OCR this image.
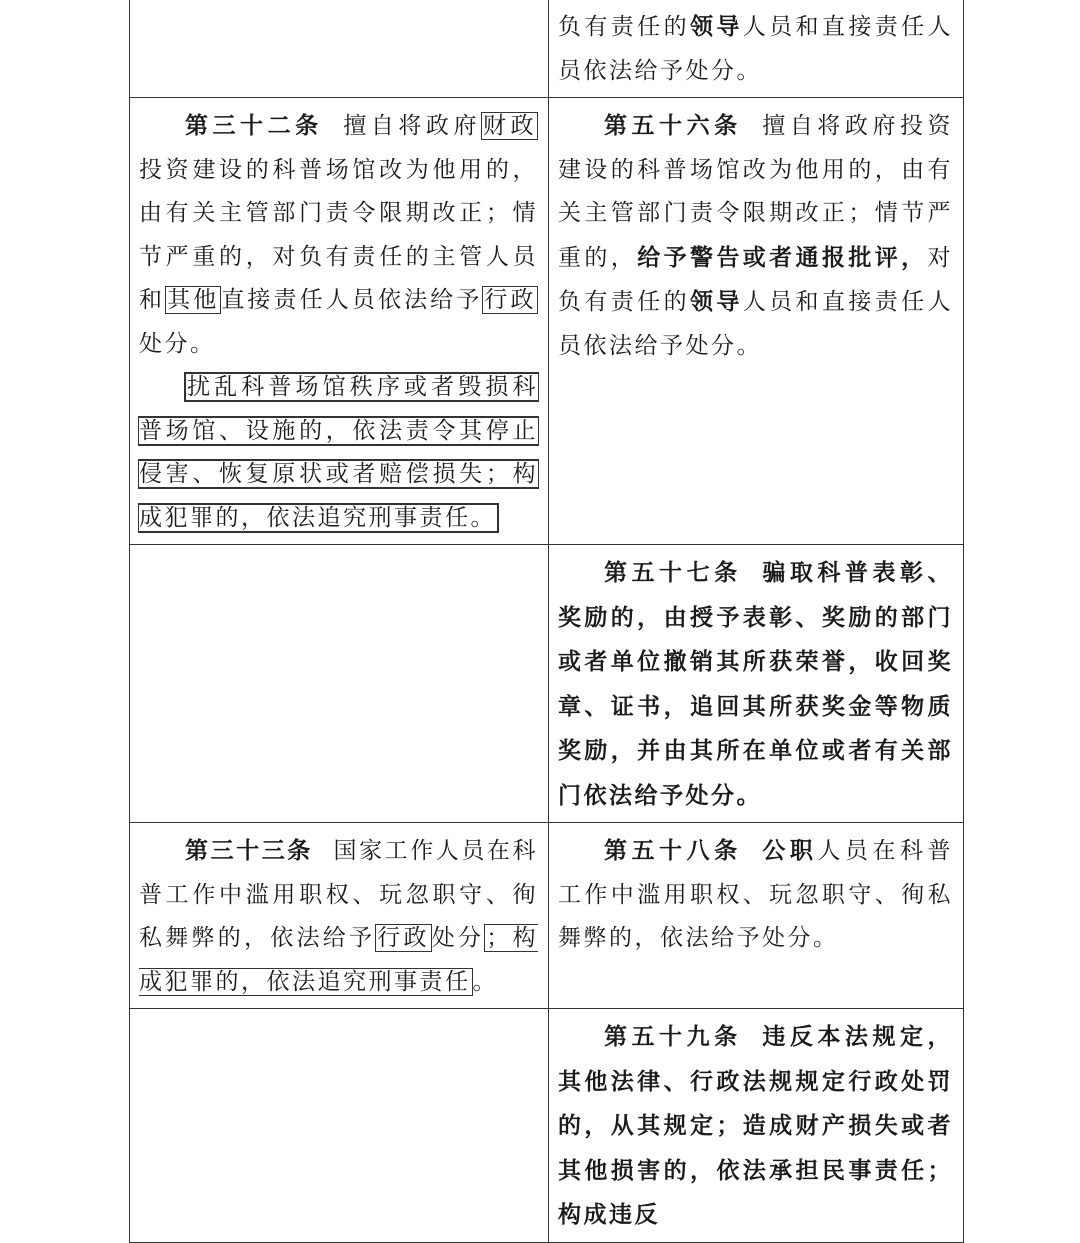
	负有责任的领导人员和直接责任人员依法给予处分。

第三十二条 擅自将政府财政投资建设的科普场馆改为他用的，由有关主管部门责令限期改正；情节严重的，对负有责任的主管人员和其他直接责任人员依法给予行政处分。

扰乱科普场馆秩序或者毁损科普场馆、设施的，依法责令其停止侵害、恢复原状或者赔偿损失；构成犯罪的，依法追究刑事责任。	第五十六条 擅自将政府投资建设的科普场馆改为他用的，由有关主管部门责令限期改正；情节严重的，给予警告或者通报批评，对负有责任的领导人员和直接责任人员依法给予处分。

	第五十七条 骗取科普表彰、奖励的，由授予表彰、奖励的部门或者单位撤销其所获荣誉，收回奖章、证书，追回其所获奖金等物质奖励，并由其所在单位或者有关部门依法给予处分。

第三十三条 国家工作人员在科普工作中滥用职权、玩忽职守、徇私舞弊的，依法给予行政处分；构成犯罪的，依法追究刑事责任。	第五十八条 公职人员在科普工作中滥用职权、玩忽职守、徇私舞弊的，依法给予处分。

	第五十九条 违反本法规定，其他法律、行政法规规定行政处罚的，从其规定；造成财产损失或者其他损害的，依法承担民事责任；构成违反
